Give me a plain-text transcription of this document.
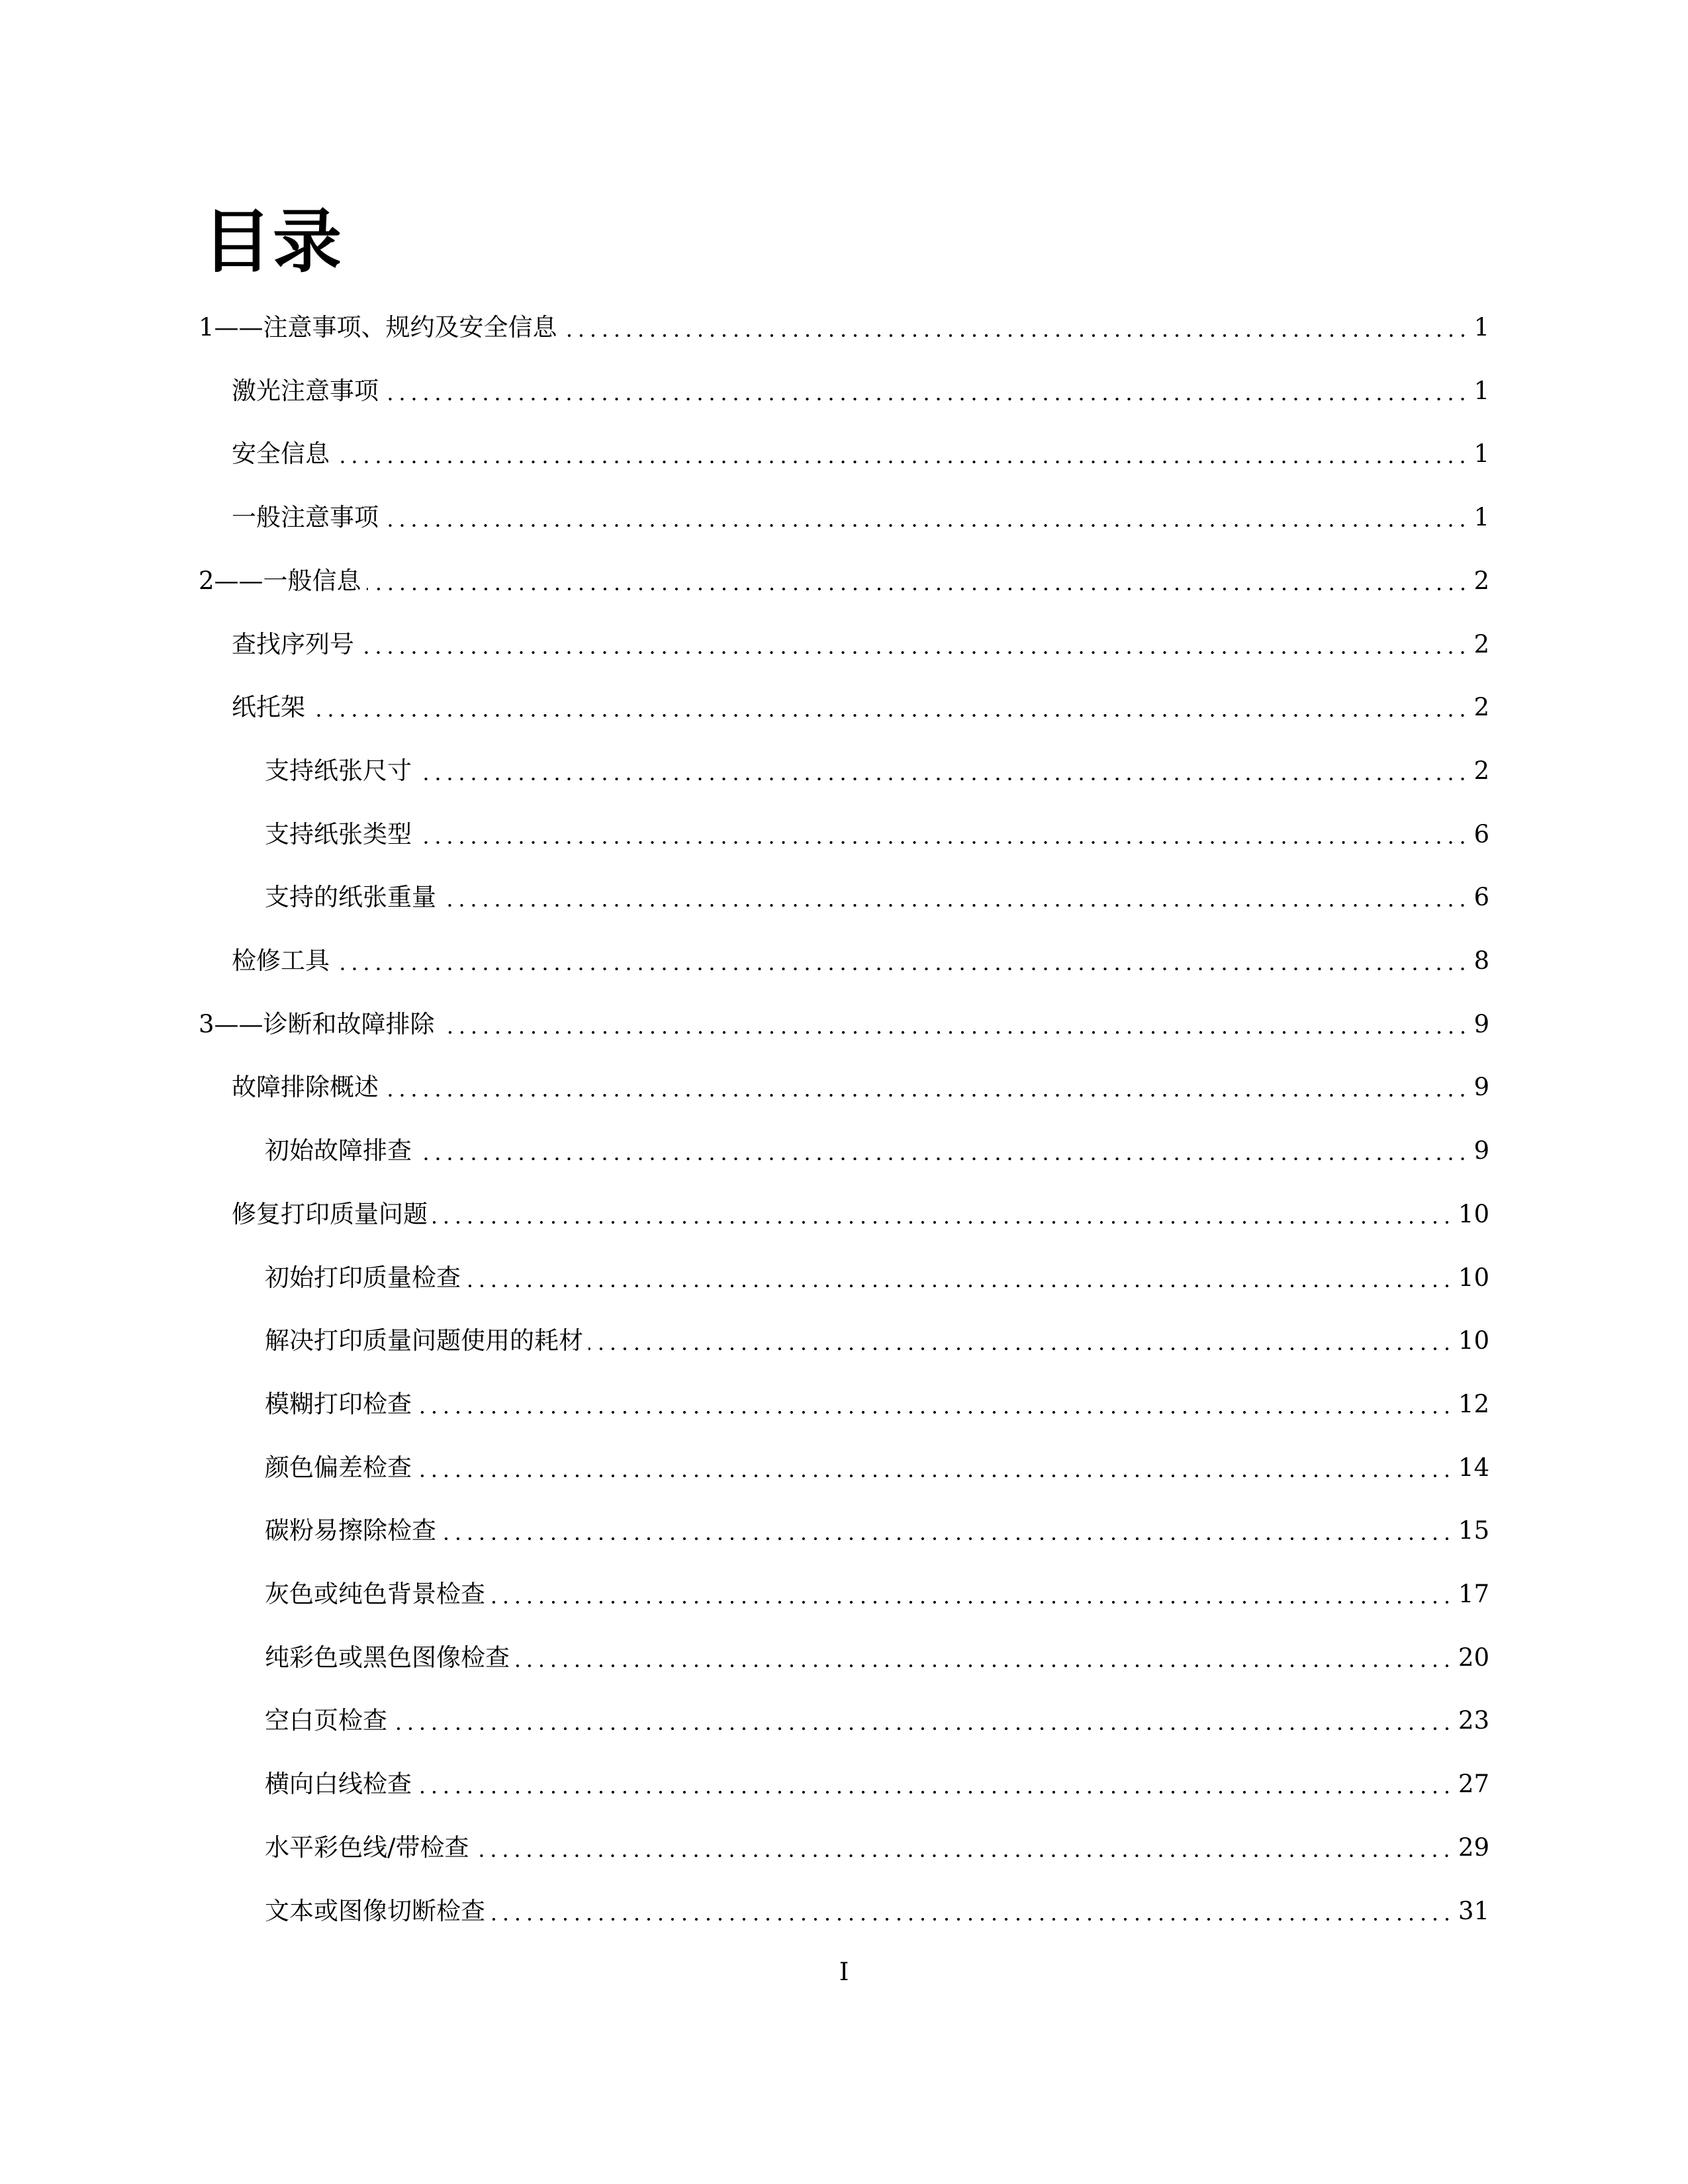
目录
1——注意事项、规约及安全信息	1
激光注意事项	1
安全信息	1
一般注意事项	1
2——一般信息	2
查找序列号	2
纸托架	2
支持纸张尺寸	2
支持纸张类型	6
支持的纸张重量	6
检修工具	8
3——诊断和故障排除	9
故障排除概述	9
初始故障排查	9
修复打印质量问题	10
初始打印质量检查	10
解决打印质量问题使用的耗材	10
模糊打印检查	12
颜色偏差检查	14
碳粉易擦除检查	15
灰色或纯色背景检查	17
纯彩色或黑色图像检查	20
空白页检查	23
横向白线检查	27
水平彩色线/带检查	29
文本或图像切断检查	31
I
